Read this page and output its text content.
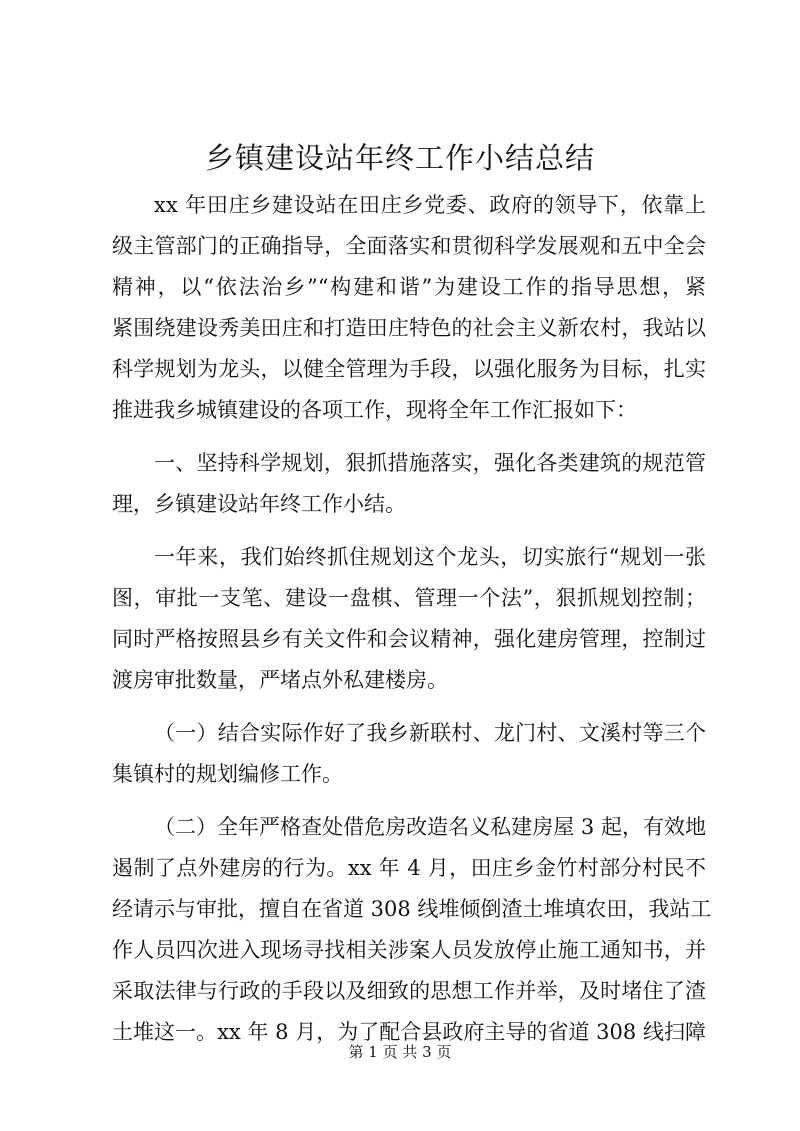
乡镇建设站年终工作小结总结
xx 年田庄乡建设站在田庄乡党委、政府的领导下，依靠上
级主管部门的正确指导，全面落实和贯彻科学发展观和五中全会
精神，以“依法治乡”“构建和谐”为建设工作的指导思想，紧
紧围绕建设秀美田庄和打造田庄特色的社会主义新农村，我站以
科学规划为龙头，以健全管理为手段，以强化服务为目标，扎实
推进我乡城镇建设的各项工作，现将全年工作汇报如下：
一、坚持科学规划，狠抓措施落实，强化各类建筑的规范管
理，乡镇建设站年终工作小结。
一年来，我们始终抓住规划这个龙头，切实旅行“规划一张
图，审批一支笔、建设一盘棋、管理一个法”，狠抓规划控制；
同时严格按照县乡有关文件和会议精神，强化建房管理，控制过
渡房审批数量，严堵点外私建楼房。
（一）结合实际作好了我乡新联村、龙门村、文溪村等三个
集镇村的规划编修工作。
（二）全年严格查处借危房改造名义私建房屋 3 起，有效地
遏制了点外建房的行为。xx 年 4 月，田庄乡金竹村部分村民不
经请示与审批，擅自在省道 308 线堆倾倒渣土堆填农田，我站工
作人员四次进入现场寻找相关涉案人员发放停止施工通知书，并
采取法律与行政的手段以及细致的思想工作并举，及时堵住了渣
土堆这一。xx 年 8 月，为了配合县政府主导的省道 308 线扫障
第 1 页 共 3 页
